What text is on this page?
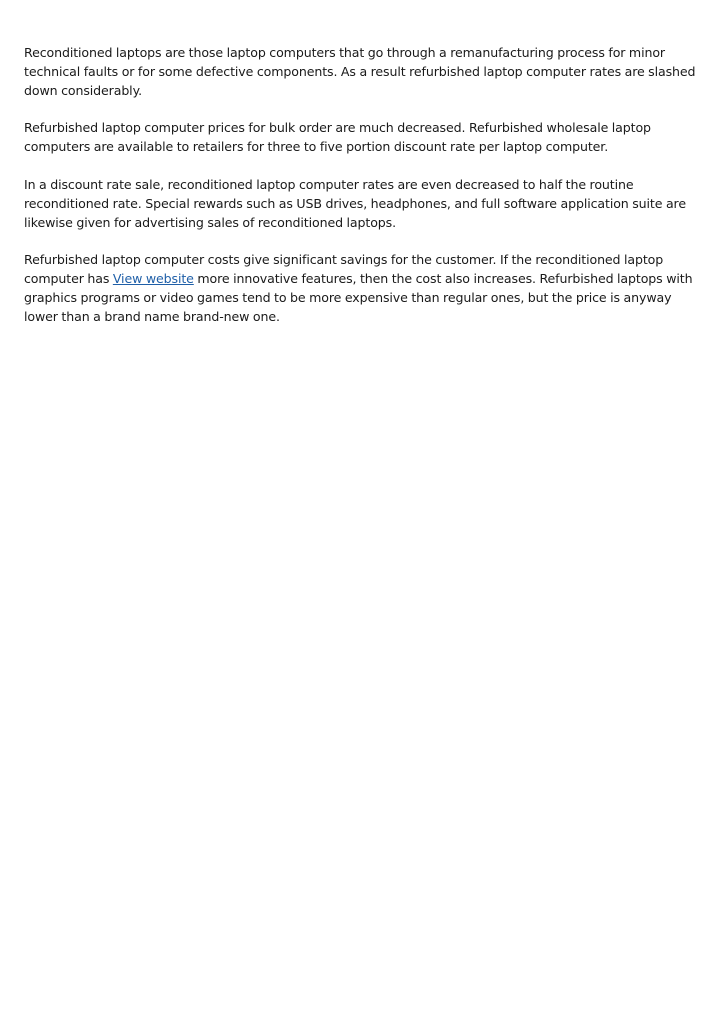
Reconditioned laptops are those laptop computers that go through a remanufacturing process for minor technical faults or for some defective components. As a result refurbished laptop computer rates are slashed down considerably.

Refurbished laptop computer prices for bulk order are much decreased. Refurbished wholesale laptop computers are available to retailers for three to five portion discount rate per laptop computer.

In a discount rate sale, reconditioned laptop computer rates are even decreased to half the routine reconditioned rate. Special rewards such as USB drives, headphones, and full software application suite are likewise given for advertising sales of reconditioned laptops.

Refurbished laptop computer costs give significant savings for the customer. If the reconditioned laptop computer has View website more innovative features, then the cost also increases. Refurbished laptops with graphics programs or video games tend to be more expensive than regular ones, but the price is anyway lower than a brand name brand-new one.
